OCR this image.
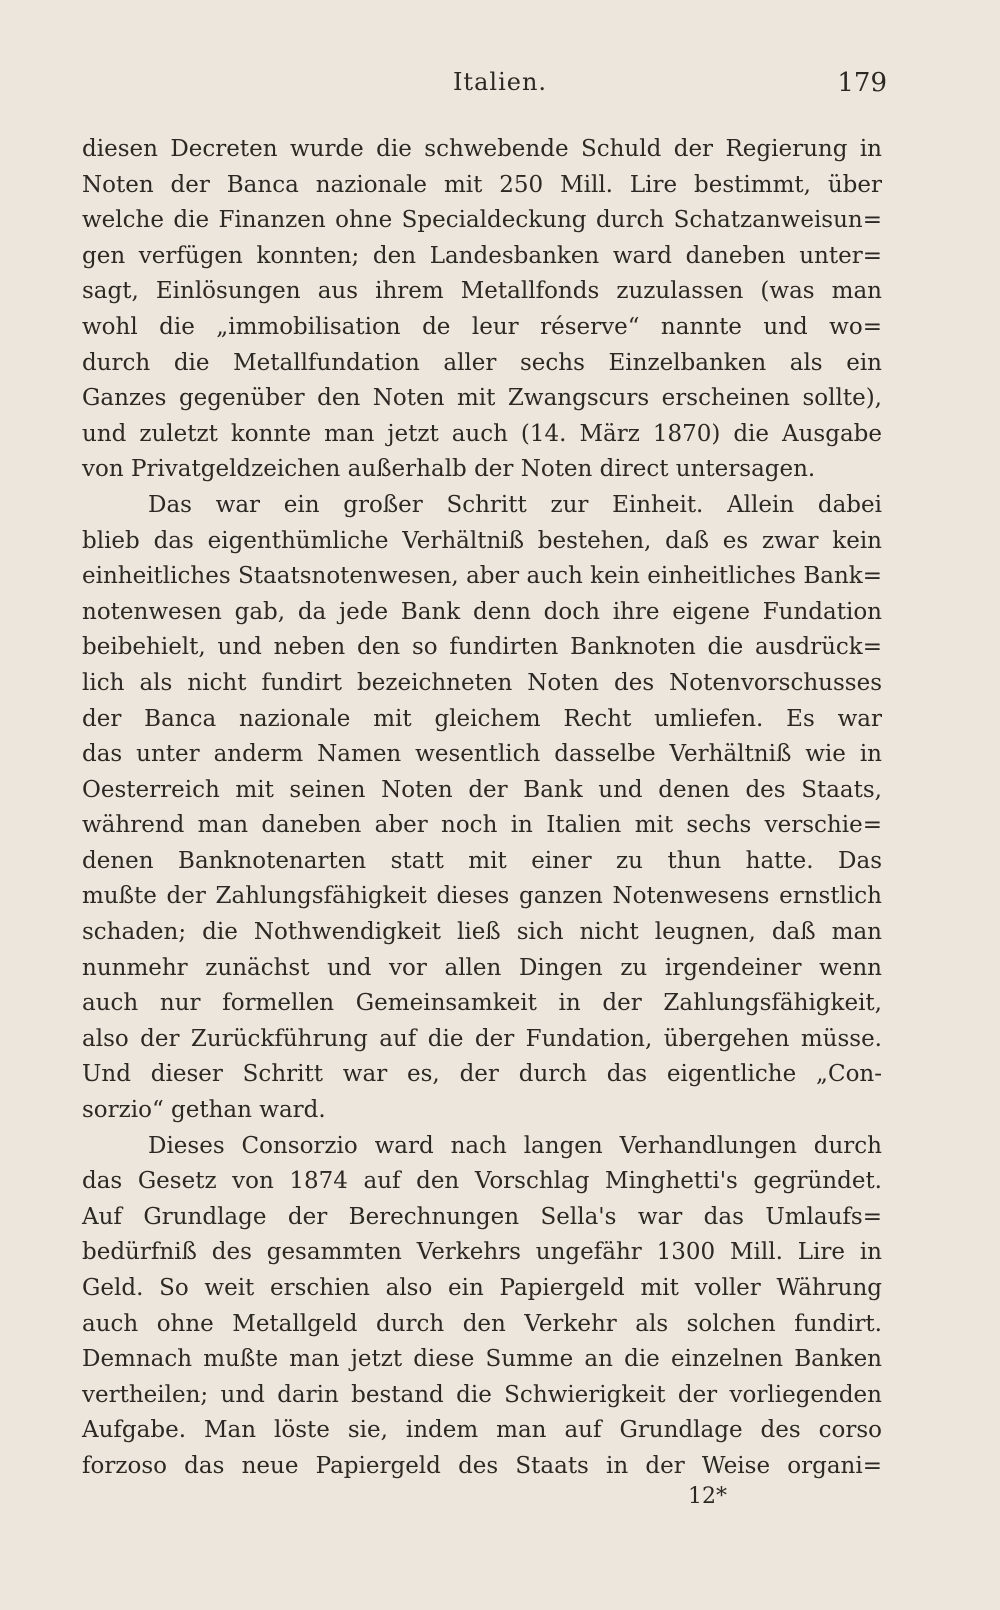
Italien.	179
diesen Decreten wurde die schwebende Schuld der Regierung in
Noten der Banca nazionale mit 250 Mill. Lire bestimmt, über
welche die Finanzen ohne Specialdeckung durch Schatzanweisun=
gen verfügen konnten; den Landesbanken ward daneben unter=
sagt, Einlösungen aus ihrem Metallfonds zuzulassen (was man
wohl die „immobilisation de leur réserve“ nannte und wo=
durch die Metallfundation aller sechs Einzelbanken als ein
Ganzes gegenüber den Noten mit Zwangscurs erscheinen sollte),
und zuletzt konnte man jetzt auch (14. März 1870) die Ausgabe
von Privatgeldzeichen außerhalb der Noten direct untersagen.
Das war ein großer Schritt zur Einheit. Allein dabei
blieb das eigenthümliche Verhältniß bestehen, daß es zwar kein
einheitliches Staatsnotenwesen, aber auch kein einheitliches Bank=
notenwesen gab, da jede Bank denn doch ihre eigene Fundation
beibehielt, und neben den so fundirten Banknoten die ausdrück=
lich als nicht fundirt bezeichneten Noten des Notenvorschusses
der Banca nazionale mit gleichem Recht umliefen. Es war
das unter anderm Namen wesentlich dasselbe Verhältniß wie in
Oesterreich mit seinen Noten der Bank und denen des Staats,
während man daneben aber noch in Italien mit sechs verschie=
denen Banknotenarten statt mit einer zu thun hatte. Das
mußte der Zahlungsfähigkeit dieses ganzen Notenwesens ernstlich
schaden; die Nothwendigkeit ließ sich nicht leugnen, daß man
nunmehr zunächst und vor allen Dingen zu irgendeiner wenn
auch nur formellen Gemeinsamkeit in der Zahlungsfähigkeit,
also der Zurückführung auf die der Fundation, übergehen müsse.
Und dieser Schritt war es, der durch das eigentliche „Con-
sorzio“ gethan ward.
Dieses Consorzio ward nach langen Verhandlungen durch
das Gesetz von 1874 auf den Vorschlag Minghetti's gegründet.
Auf Grundlage der Berechnungen Sella's war das Umlaufs=
bedürfniß des gesammten Verkehrs ungefähr 1300 Mill. Lire in
Geld. So weit erschien also ein Papiergeld mit voller Währung
auch ohne Metallgeld durch den Verkehr als solchen fundirt.
Demnach mußte man jetzt diese Summe an die einzelnen Banken
vertheilen; und darin bestand die Schwierigkeit der vorliegenden
Aufgabe. Man löste sie, indem man auf Grundlage des corso
forzoso das neue Papiergeld des Staats in der Weise organi=
12*
